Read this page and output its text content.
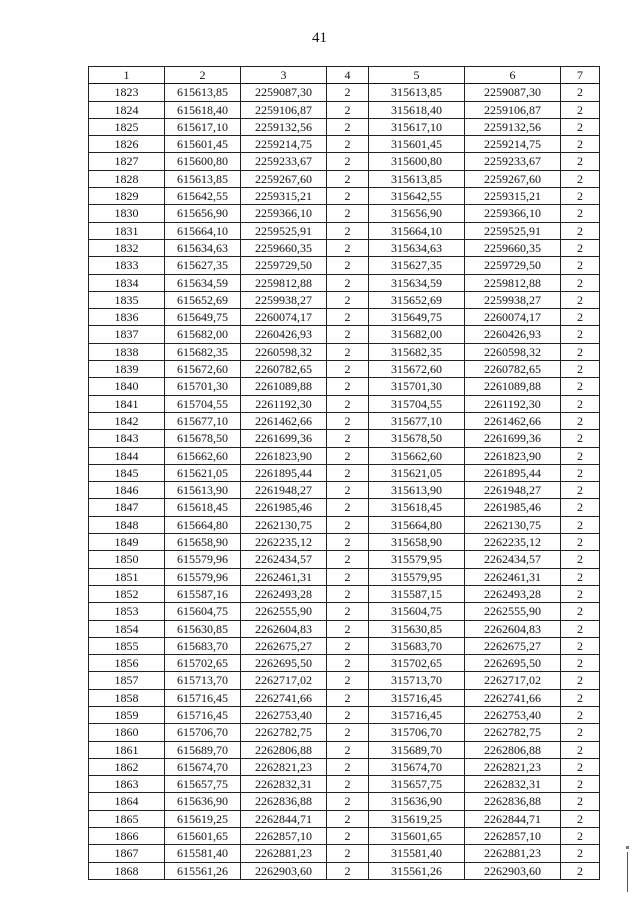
41
1	2	3	4	5	6	7
1823	615613,85	2259087,30	2	315613,85	2259087,30	2
1824	615618,40	2259106,87	2	315618,40	2259106,87	2
1825	615617,10	2259132,56	2	315617,10	2259132,56	2
1826	615601,45	2259214,75	2	315601,45	2259214,75	2
1827	615600,80	2259233,67	2	315600,80	2259233,67	2
1828	615613,85	2259267,60	2	315613,85	2259267,60	2
1829	615642,55	2259315,21	2	315642,55	2259315,21	2
1830	615656,90	2259366,10	2	315656,90	2259366,10	2
1831	615664,10	2259525,91	2	315664,10	2259525,91	2
1832	615634,63	2259660,35	2	315634,63	2259660,35	2
1833	615627,35	2259729,50	2	315627,35	2259729,50	2
1834	615634,59	2259812,88	2	315634,59	2259812,88	2
1835	615652,69	2259938,27	2	315652,69	2259938,27	2
1836	615649,75	2260074,17	2	315649,75	2260074,17	2
1837	615682,00	2260426,93	2	315682,00	2260426,93	2
1838	615682,35	2260598,32	2	315682,35	2260598,32	2
1839	615672,60	2260782,65	2	315672,60	2260782,65	2
1840	615701,30	2261089,88	2	315701,30	2261089,88	2
1841	615704,55	2261192,30	2	315704,55	2261192,30	2
1842	615677,10	2261462,66	2	315677,10	2261462,66	2
1843	615678,50	2261699,36	2	315678,50	2261699,36	2
1844	615662,60	2261823,90	2	315662,60	2261823,90	2
1845	615621,05	2261895,44	2	315621,05	2261895,44	2
1846	615613,90	2261948,27	2	315613,90	2261948,27	2
1847	615618,45	2261985,46	2	315618,45	2261985,46	2
1848	615664,80	2262130,75	2	315664,80	2262130,75	2
1849	615658,90	2262235,12	2	315658,90	2262235,12	2
1850	615579,96	2262434,57	2	315579,95	2262434,57	2
1851	615579,96	2262461,31	2	315579,95	2262461,31	2
1852	615587,16	2262493,28	2	315587,15	2262493,28	2
1853	615604,75	2262555,90	2	315604,75	2262555,90	2
1854	615630,85	2262604,83	2	315630,85	2262604,83	2
1855	615683,70	2262675,27	2	315683,70	2262675,27	2
1856	615702,65	2262695,50	2	315702,65	2262695,50	2
1857	615713,70	2262717,02	2	315713,70	2262717,02	2
1858	615716,45	2262741,66	2	315716,45	2262741,66	2
1859	615716,45	2262753,40	2	315716,45	2262753,40	2
1860	615706,70	2262782,75	2	315706,70	2262782,75	2
1861	615689,70	2262806,88	2	315689,70	2262806,88	2
1862	615674,70	2262821,23	2	315674,70	2262821,23	2
1863	615657,75	2262832,31	2	315657,75	2262832,31	2
1864	615636,90	2262836,88	2	315636,90	2262836,88	2
1865	615619,25	2262844,71	2	315619,25	2262844,71	2
1866	615601,65	2262857,10	2	315601,65	2262857,10	2
1867	615581,40	2262881,23	2	315581,40	2262881,23	2
1868	615561,26	2262903,60	2	315561,26	2262903,60	2
